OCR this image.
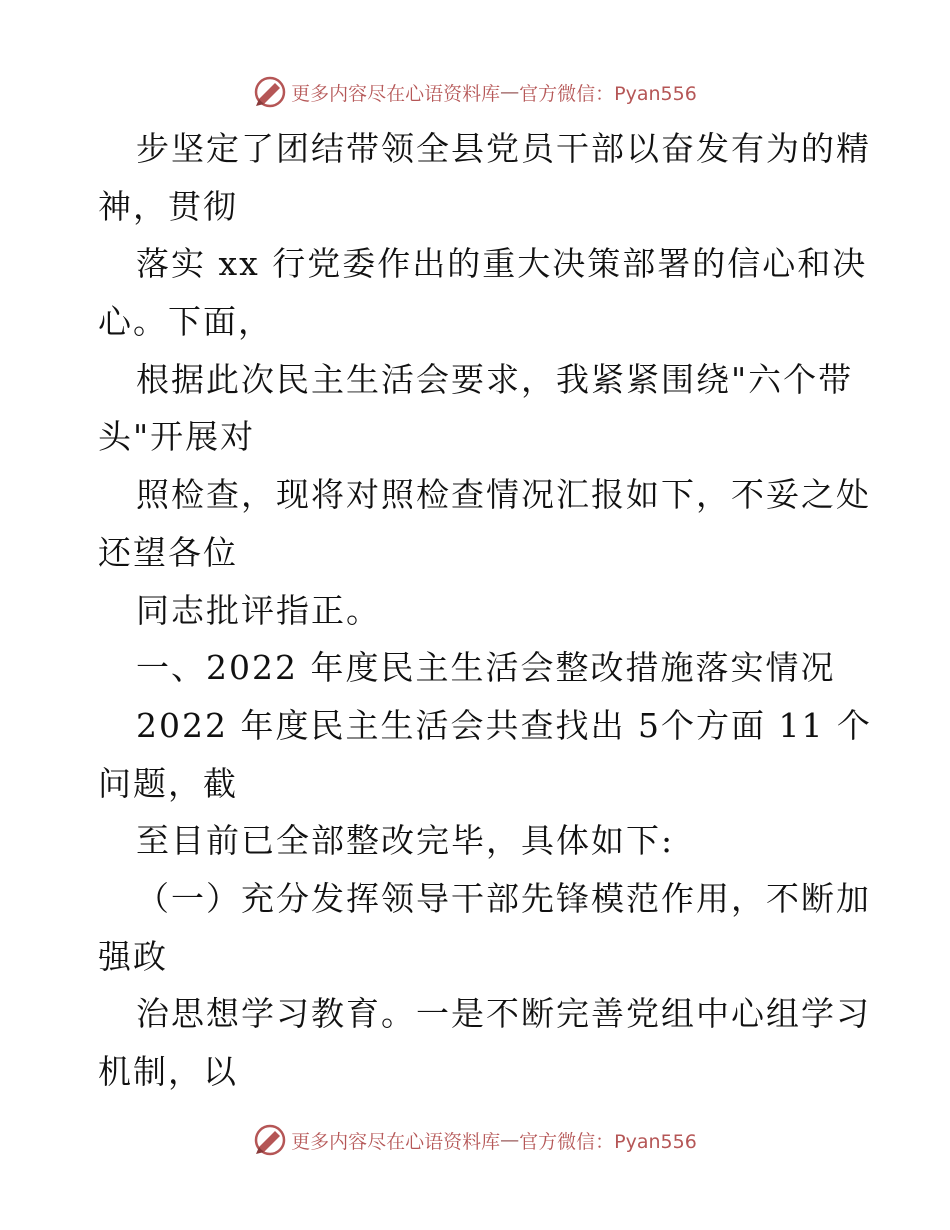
更多内容尽在心语资料库 — 官方微信：Pyan556
步坚定了团结带领全县党员干部以奋发有为的精
神，贯彻
落实 xx 行党委作出的重大决策部署的信心和决
心。下面，
根据此次民主生活会要求，我紧紧围绕"六个带
头"开展对
照检查，现将对照检查情况汇报如下，不妥之处
还望各位
同志批评指正。
一、2022 年度民主生活会整改措施落实情况
2022 年度民主生活会共查找出 5个方面 11 个
问题，截
至目前已全部整改完毕，具体如下:
（一）充分发挥领导干部先锋模范作用，不断加
强政
治思想学习教育。一是不断完善党组中心组学习
机制，以
更多内容尽在心语资料库 — 官方微信：Pyan556
